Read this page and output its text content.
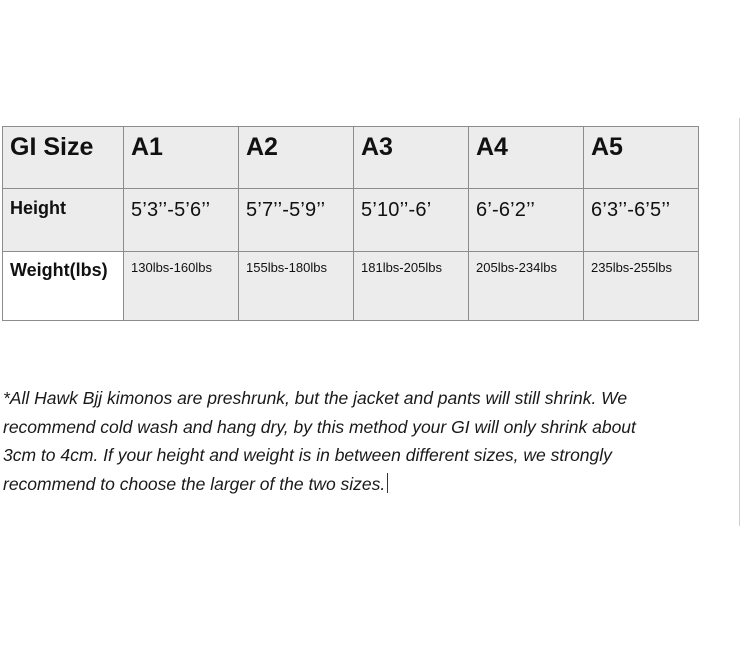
GI Size	A1	A2	A3	A4	A5

Height	5’3’’-5’6’’	5’7’’-5’9’’	5’10’’-6’	6’-6’2’’	6’3’’-6’5’’

Weight(lbs)	130lbs-160lbs	155lbs-180lbs	181lbs-205lbs	205lbs-234lbs	235lbs-255lbs

*All Hawk Bjj kimonos are preshrunk, but the jacket and pants will still shrink. We recommend cold wash and hang dry, by this method your GI will only shrink about 3cm to 4cm. If your height and weight is in between different sizes, we strongly recommend to choose the larger of the two sizes.
